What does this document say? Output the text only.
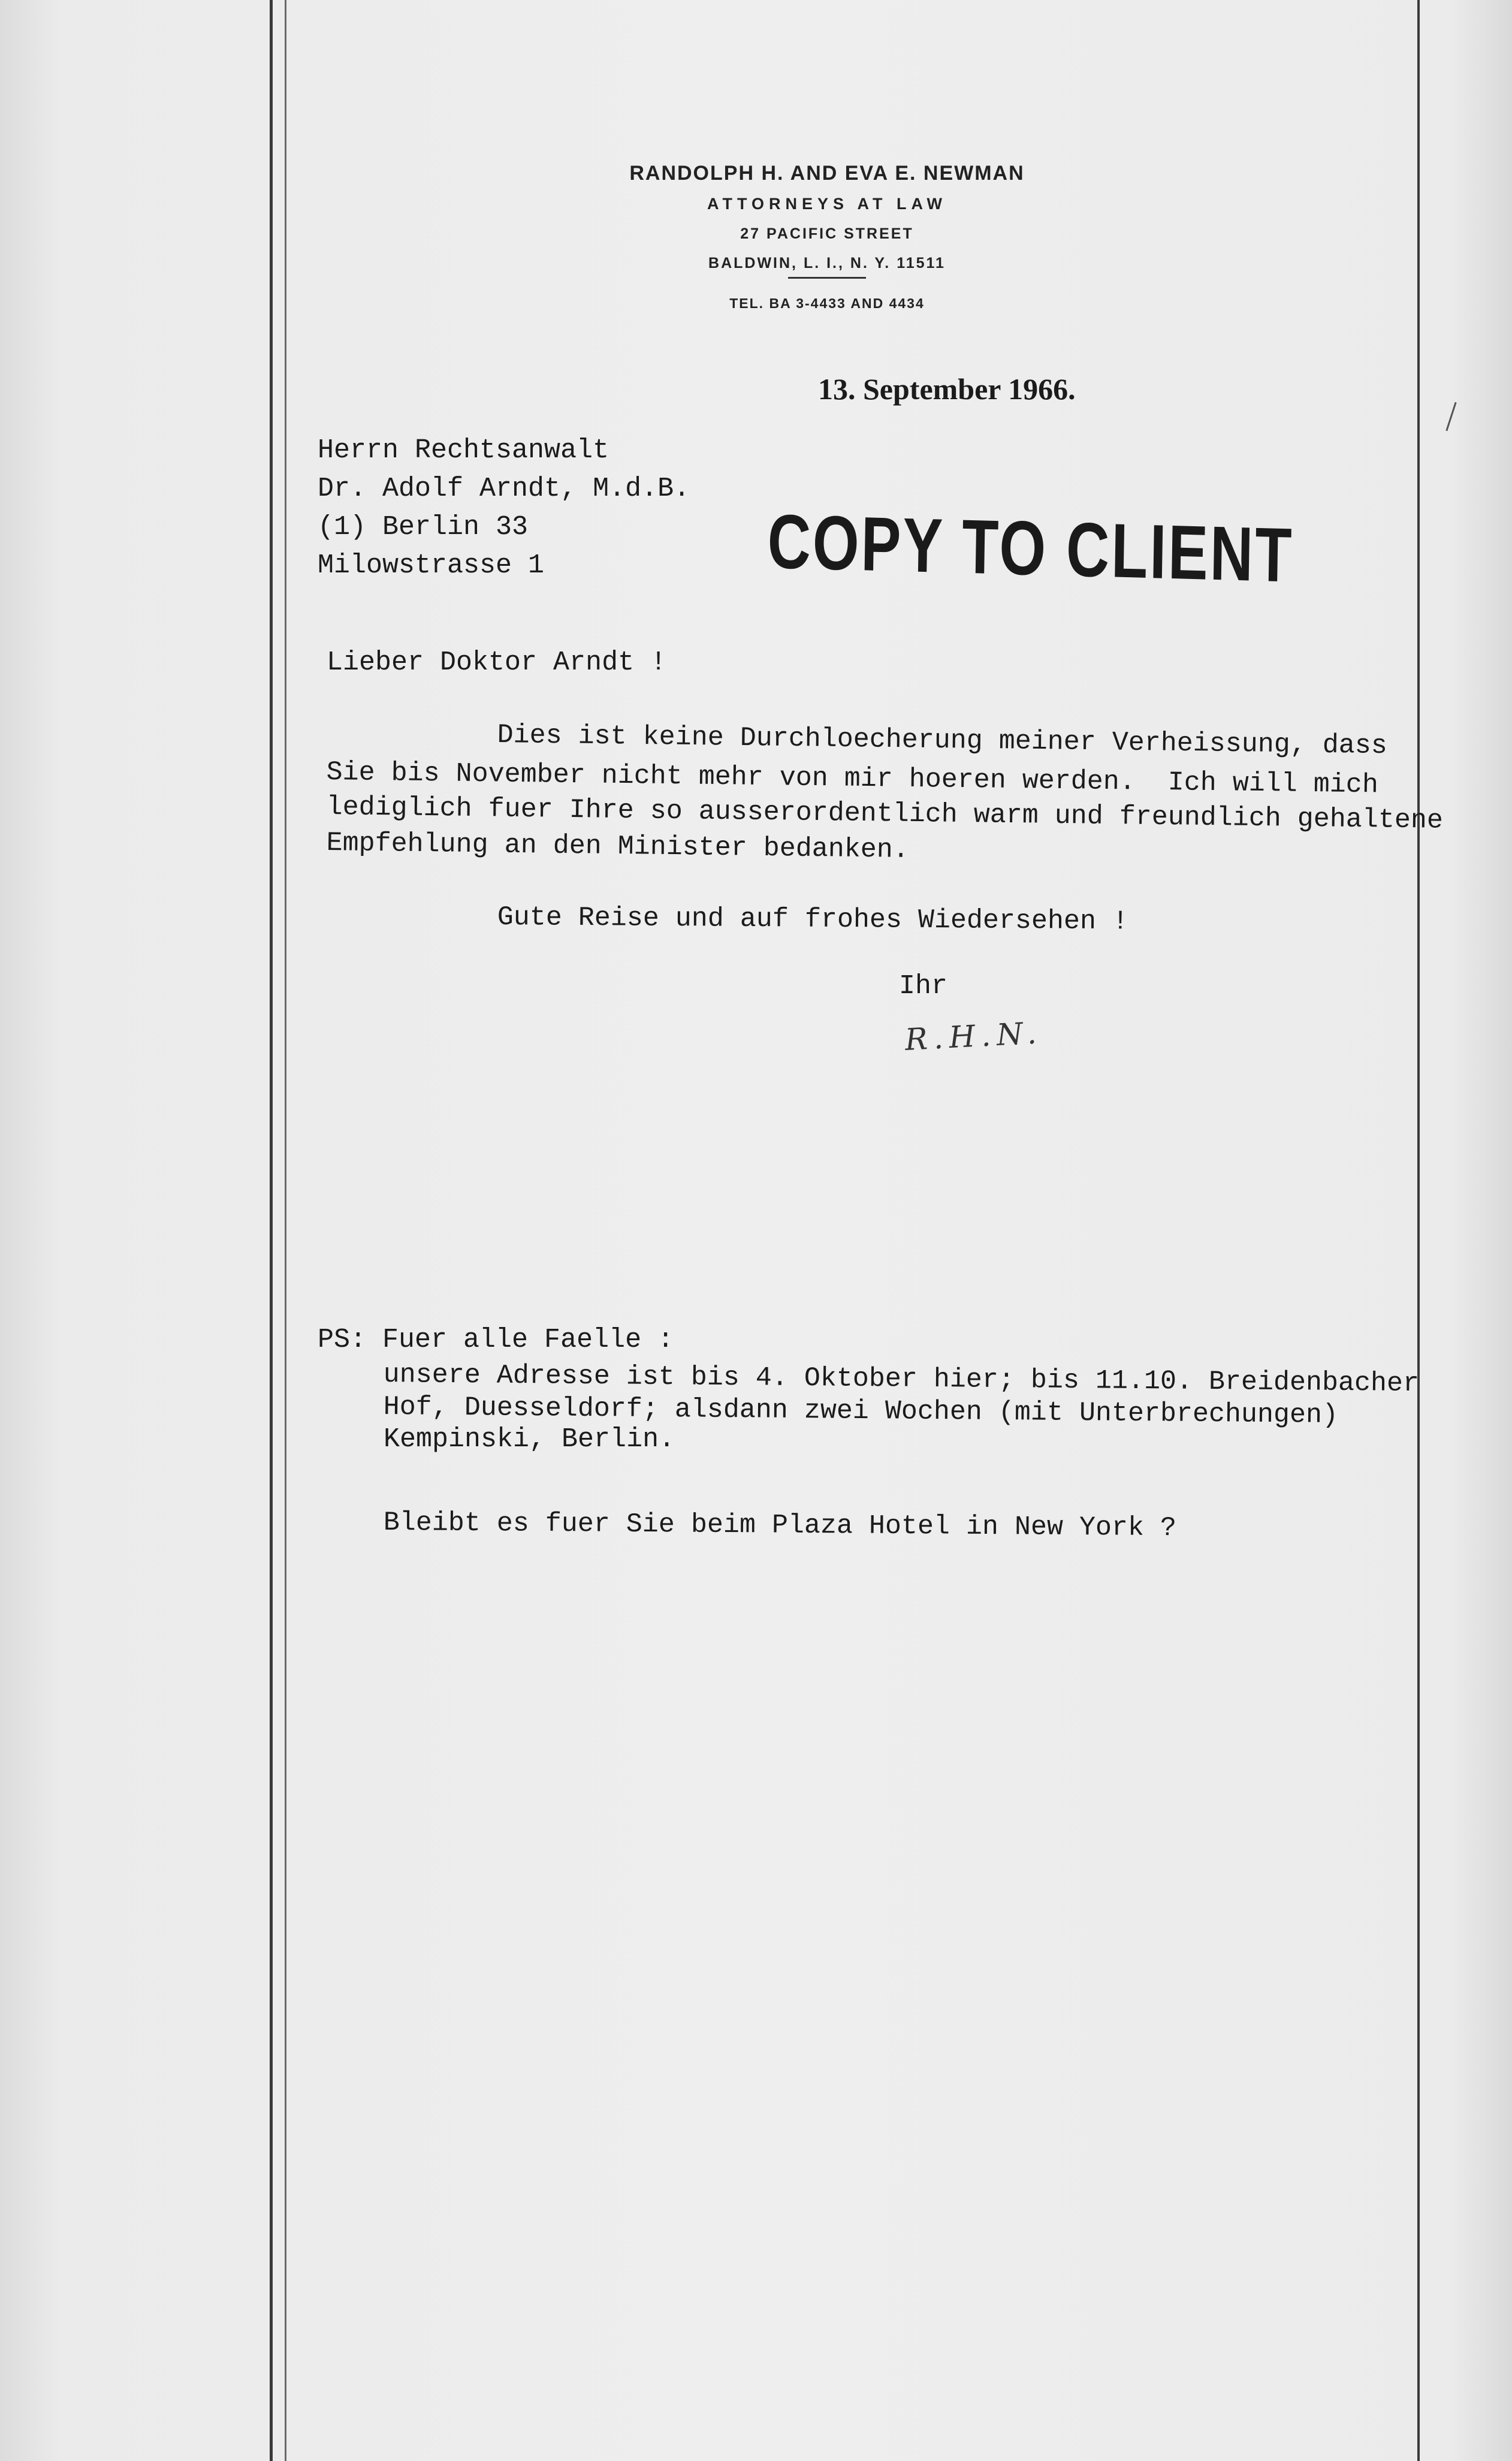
RANDOLPH H. AND EVA E. NEWMAN
ATTORNEYS AT LAW
27 PACIFIC STREET
BALDWIN, L. I., N. Y. 11511
TEL. BA 3-4433 AND 4434
13. September 1966.
Herrn Rechtsanwalt
Dr. Adolf Arndt, M.d.B.
(1) Berlin 33
Milowstrasse 1	COPY TO CLIENT
Lieber Doktor Arndt !
Dies ist keine Durchloecherung meiner Verheissung, dass
Sie bis November nicht mehr von mir hoeren werden.  Ich will mich
lediglich fuer Ihre so ausserordentlich warm und freundlich gehaltene
Empfehlung an den Minister bedanken.
Gute Reise und auf frohes Wiedersehen !
Ihr
R.H.N.
PS: Fuer alle Faelle :
unsere Adresse ist bis 4. Oktober hier; bis 11.10. Breidenbacher
Hof, Duesseldorf; alsdann zwei Wochen (mit Unterbrechungen)
Kempinski, Berlin.
Bleibt es fuer Sie beim Plaza Hotel in New York ?
